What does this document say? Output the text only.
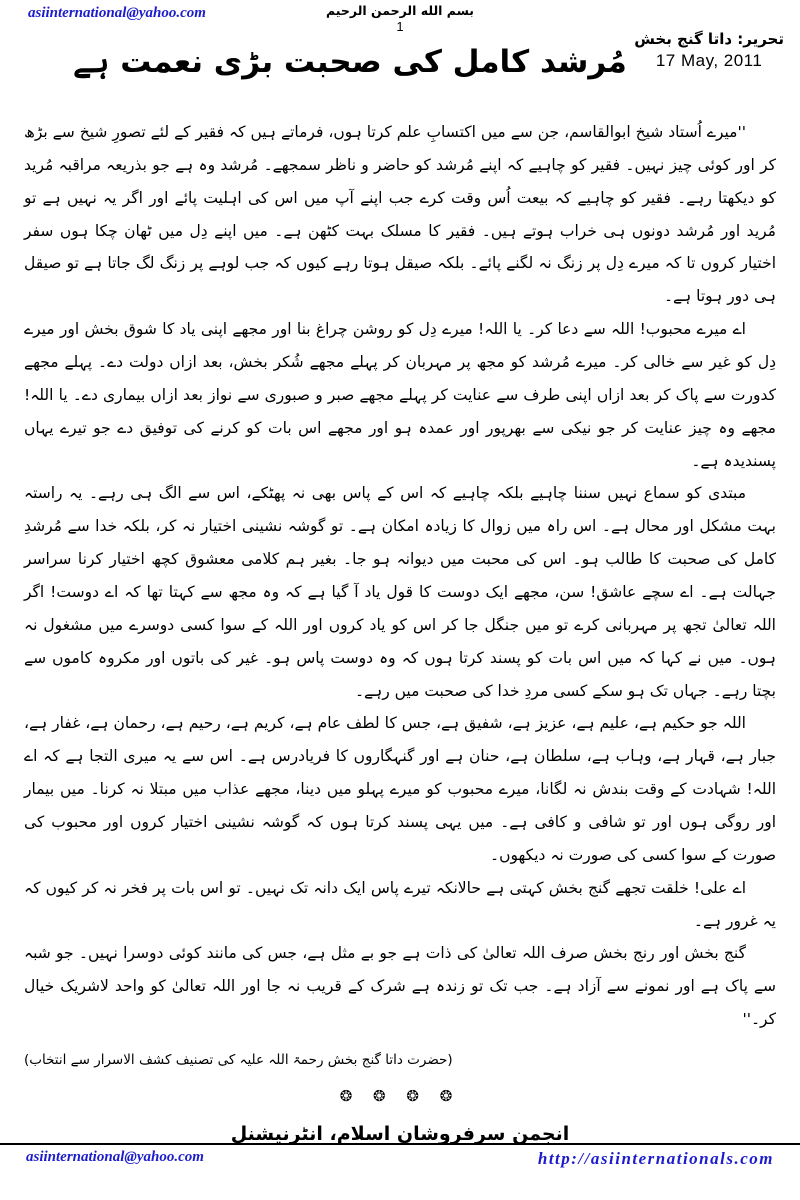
asiinternational@yahoo.com	بسم الله الرحمن الرحيم
1
تحریر: داتا گنج بخش
17 May, 2011
مُرشد کامل کی صحبت بڑی نعمت ہے

''میرے اُستاد شیخ ابوالقاسم، جن سے میں اکتسابِ علم کرتا ہوں، فرماتے ہیں کہ فقیر کے لئے تصورِ شیخ سے بڑھ کر اور کوئی چیز نہیں۔ فقیر کو چاہیے کہ اپنے مُرشد کو حاضر و ناظر سمجھے۔ مُرشد وہ ہے جو بذریعہ مراقبہ مُرید کو دیکھتا رہے۔ فقیر کو چاہیے کہ بیعت اُس وقت کرے جب اپنے آپ میں اس کی اہلیت پائے اور اگر یہ نہیں ہے تو مُرید اور مُرشد دونوں ہی خراب ہوتے ہیں۔ فقیر کا مسلک بہت کٹھن ہے۔ میں اپنے دِل میں ٹھان چکا ہوں سفر اختیار کروں تا کہ میرے دِل پر زنگ نہ لگنے پائے۔ بلکہ صیقل ہوتا رہے کیوں کہ جب لوہے پر زنگ لگ جاتا ہے تو صیقل ہی دور ہوتا ہے۔

اے میرے محبوب! اللہ سے دعا کر۔ یا اللہ! میرے دِل کو روشن چراغ بنا اور مجھے اپنی یاد کا شوق بخش اور میرے دِل کو غیر سے خالی کر۔ میرے مُرشد کو مجھ پر مہربان کر پہلے مجھے شُکر بخش، بعد ازاں دولت دے۔ پہلے مجھے کدورت سے پاک کر بعد ازاں اپنی طرف سے عنایت کر پہلے مجھے صبر و صبوری سے نواز بعد ازاں بیماری دے۔ یا اللہ! مجھے وہ چیز عنایت کر جو نیکی سے بھرپور اور عمدہ ہو اور مجھے اس بات کو کرنے کی توفیق دے جو تیرے یہاں پسندیدہ ہے۔

مبتدی کو سماع نہیں سننا چاہیے بلکہ چاہیے کہ اس کے پاس بھی نہ پھٹکے، اس سے الگ ہی رہے۔ یہ راستہ بہت مشکل اور محال ہے۔ اس راہ میں زوال کا زیادہ امکان ہے۔ تو گوشہ نشینی اختیار نہ کر، بلکہ خدا سے مُرشدِ کامل کی صحبت کا طالب ہو۔ اس کی محبت میں دیوانہ ہو جا۔ بغیر ہم کلامی معشوق کچھ اختیار کرنا سراسر جہالت ہے۔ اے سچے عاشق! سن، مجھے ایک دوست کا قول یاد آ گیا ہے کہ وہ مجھ سے کہتا تھا کہ اے دوست! اگر اللہ تعالیٰ تجھ پر مہربانی کرے تو میں جنگل جا کر اس کو یاد کروں اور اللہ کے سوا کسی دوسرے میں مشغول نہ ہوں۔ میں نے کہا کہ میں اس بات کو پسند کرتا ہوں کہ وہ دوست پاس ہو۔ غیر کی باتوں اور مکروہ کاموں سے بچتا رہے۔ جہاں تک ہو سکے کسی مردِ خدا کی صحبت میں رہے۔

اللہ جو حکیم ہے، علیم ہے، عزیز ہے، شفیق ہے، جس کا لطف عام ہے، کریم ہے، رحیم ہے، رحمان ہے، غفار ہے، جبار ہے، قہار ہے، وہاب ہے، سلطان ہے، حنان ہے اور گنہگاروں کا فریادرس ہے۔ اس سے یہ میری التجا ہے کہ اے اللہ! شہادت کے وقت بندش نہ لگانا، میرے محبوب کو میرے پہلو میں دینا، مجھے عذاب میں مبتلا نہ کرنا۔ میں بیمار اور روگی ہوں اور تو شافی و کافی ہے۔ میں یہی پسند کرتا ہوں کہ گوشہ نشینی اختیار کروں اور محبوب کی صورت کے سوا کسی کی صورت نہ دیکھوں۔

اے علی! خلقت تجھے گنج بخش کہتی ہے حالانکہ تیرے پاس ایک دانہ تک نہیں۔ تو اس بات پر فخر نہ کر کیوں کہ یہ غرور ہے۔

گنج بخش اور رنج بخش صرف اللہ تعالیٰ کی ذات ہے جو بے مثل ہے، جس کی مانند کوئی دوسرا نہیں۔ جو شبہ سے پاک ہے اور نمونے سے آزاد ہے۔ جب تک تو زندہ ہے شرک کے قریب نہ جا اور اللہ تعالیٰ کو واحد لاشریک خیال کر۔''

(حضرت داتا گنج بخش رحمۃ اللہ علیہ کی تصنیف کشف الاسرار سے انتخاب)
❂ ❂ ❂ ❂
انجمن سرفروشان اسلام، انٹرنیشنل
asiinternational@yahoo.com	http://asiinternationals.com
